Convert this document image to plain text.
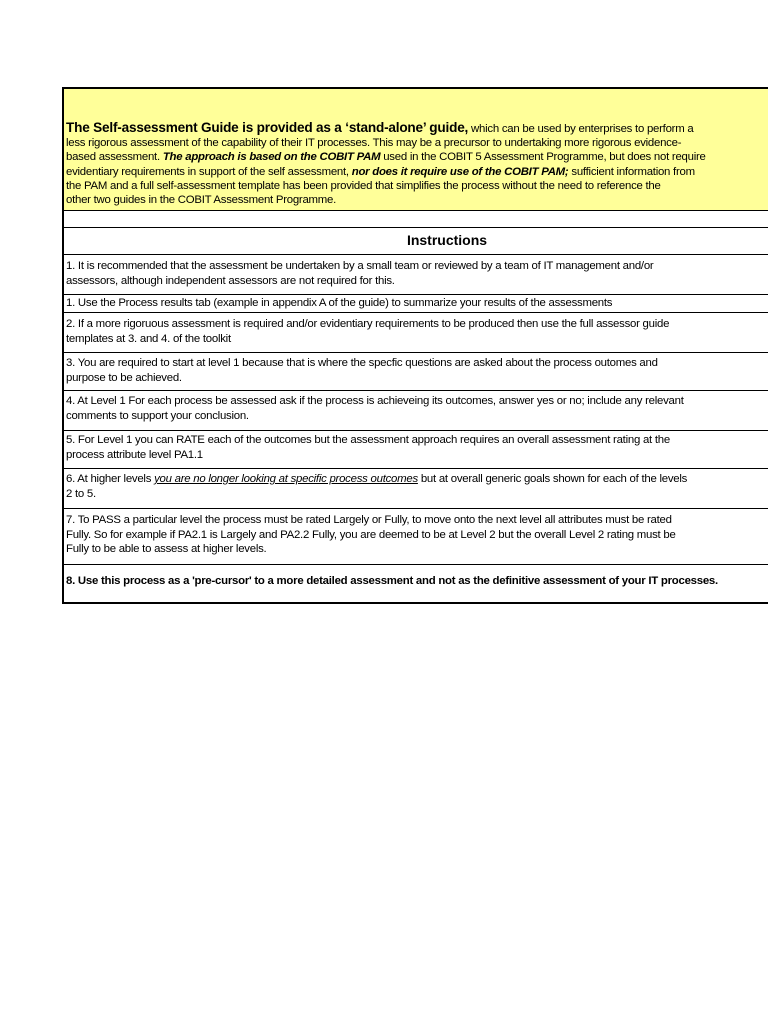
The Self-assessment Guide is provided as a ‘stand-alone’ guide, which can be used by enterprises to perform a
less rigorous assessment of the capability of their IT processes. This may be a precursor to undertaking more rigorous evidence-
based assessment. The approach is based on the COBIT PAM used in the COBIT 5 Assessment Programme, but does not require
evidentiary requirements in support of the self assessment, nor does it require use of the COBIT PAM; sufficient information from
the PAM and a full self-assessment template has been provided that simplifies the process without the need to reference the
other two guides in the COBIT Assessment Programme.
Instructions
1. It is recommended that the assessment be undertaken by a small team or reviewed by a team of IT management and/or
assessors, although independent assessors are not required for this.
1. Use the Process results tab (example in appendix A of the guide) to summarize your results of the assessments
2. If a more rigoruous assessment is required and/or evidentiary requirements to be produced then use the full assessor guide
templates at 3. and 4. of the toolkit
3. You are required to start at level 1 because that is where the specfic questions are asked about the process outomes and
purpose to be achieved.
4. At Level 1 For each process be assessed ask if the process is achieveing its outcomes, answer yes or no; include any relevant
comments to support your conclusion.
5. For Level 1 you can RATE each of the outcomes but the assessment approach requires an overall assessment rating at the
process attribute level PA1.1
6. At higher levels you are no longer looking at specific process outcomes but at overall generic goals shown for each of the levels
2 to 5.
7. To PASS a particular level the process must be rated Largely or Fully, to move onto the next level all attributes must be rated
Fully. So for example if PA2.1 is Largely and PA2.2 Fully, you are deemed to be at Level 2 but the overall Level 2 rating must be
Fully to be able to assess at higher levels.
8. Use this process as a 'pre-cursor' to a more detailed assessment and not as the definitive assessment of your IT processes.
